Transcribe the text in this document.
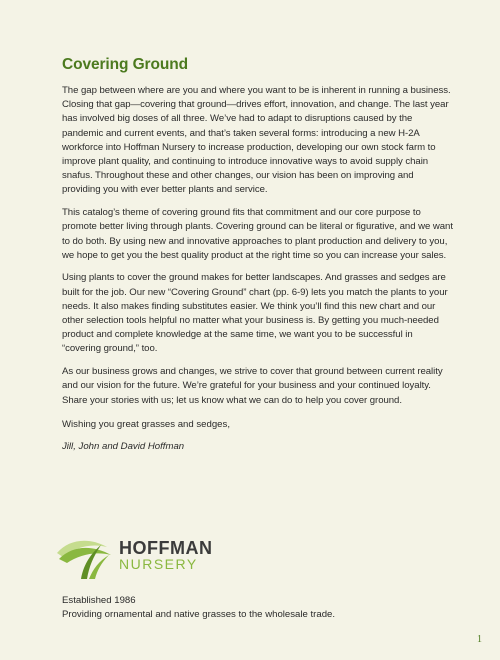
Covering Ground

The gap between where are you and where you want to be is inherent in running a business. Closing that gap—covering that ground—drives effort, innovation, and change. The last year has involved big doses of all three. We’ve had to adapt to disruptions caused by the pandemic and current events, and that’s taken several forms: introducing a new H-2A workforce into Hoffman Nursery to increase production, developing our own stock farm to improve plant quality, and continuing to introduce innovative ways to avoid supply chain snafus. Throughout these and other changes, our vision has been on improving and providing you with ever better plants and service.

This catalog’s theme of covering ground fits that commitment and our core purpose to promote better living through plants. Covering ground can be literal or figurative, and we want to do both. By using new and innovative approaches to plant production and delivery to you, we hope to get you the best quality product at the right time so you can increase your sales.

Using plants to cover the ground makes for better landscapes. And grasses and sedges are built for the job. Our new “Covering Ground” chart (pp. 6-9) lets you match the plants to your needs. It also makes finding substitutes easier. We think you’ll find this new chart and our other selection tools helpful no matter what your business is. By getting you much-needed product and complete knowledge at the same time, we want you to be successful in “covering ground,” too.

As our business grows and changes, we strive to cover that ground between current reality and our vision for the future. We’re grateful for your business and your continued loyalty. Share your stories with us; let us know what we can do to help you cover ground.

Wishing you great grasses and sedges,

Jill, John and David Hoffman

HOFFMAN
NURSERY
Established 1986
Providing ornamental and native grasses to the wholesale trade.
1
